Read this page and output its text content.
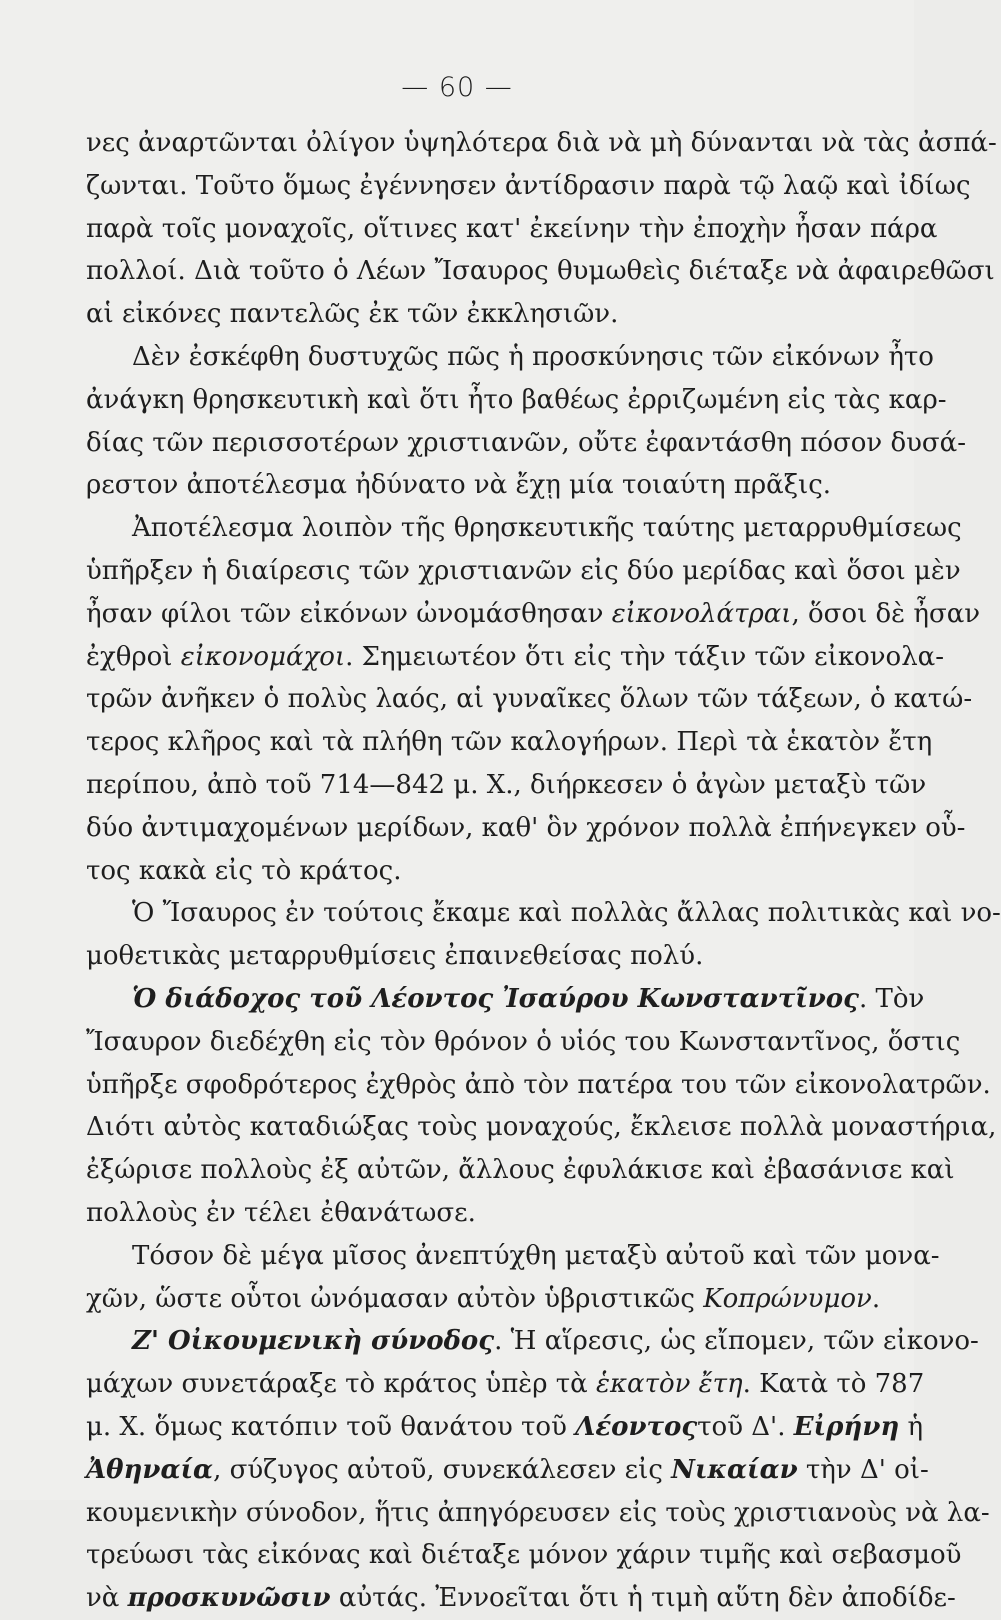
— 60 —
νες ἀναρτῶνται ὀλίγον ὑψηλότερα διὰ νὰ μὴ δύνανται νὰ τὰς ἀσπά-
ζωνται. Τοῦτο ὅμως ἐγέννησεν ἀντίδρασιν παρὰ τῷ λαῷ καὶ ἰδίως
παρὰ τοῖς μοναχοῖς, οἵτινες κατ' ἐκείνην τὴν ἐποχὴν ἦσαν πάρα
πολλοί. Διὰ τοῦτο ὁ Λέων Ἴσαυρος θυμωθεὶς διέταξε νὰ ἀφαιρεθῶσι
αἱ εἰκόνες παντελῶς ἐκ τῶν ἐκκλησιῶν.
Δὲν ἐσκέφθη δυστυχῶς πῶς ἡ προσκύνησις τῶν εἰκόνων ἦτο
ἀνάγκη θρησκευτικὴ καὶ ὅτι ἦτο βαθέως ἐρριζωμένη εἰς τὰς καρ-
δίας τῶν περισσοτέρων χριστιανῶν, οὔτε ἐφαντάσθη πόσον δυσά-
ρεστον ἀποτέλεσμα ἠδύνατο νὰ ἔχῃ μία τοιαύτη πρᾶξις.
Ἀποτέλεσμα λοιπὸν τῆς θρησκευτικῆς ταύτης μεταρρυθμίσεως
ὑπῆρξεν ἡ διαίρεσις τῶν χριστιανῶν εἰς δύο μερίδας καὶ ὅσοι μὲν
ἦσαν φίλοι τῶν εἰκόνων ὠνομάσθησαν εἰκονολάτραι, ὅσοι δὲ ἦσαν
ἐχθροὶ εἰκονομάχοι. Σημειωτέον ὅτι εἰς τὴν τάξιν τῶν εἰκονολα-
τρῶν ἀνῆκεν ὁ πολὺς λαός, αἱ γυναῖκες ὅλων τῶν τάξεων, ὁ κατώ-
τερος κλῆρος καὶ τὰ πλήθη τῶν καλογήρων. Περὶ τὰ ἑκατὸν ἔτη
περίπου, ἀπὸ τοῦ 714—842 μ. Χ., διήρκεσεν ὁ ἀγὼν μεταξὺ τῶν
δύο ἀντιμαχομένων μερίδων, καθ' ὃν χρόνον πολλὰ ἐπήνεγκεν οὗ-
τος κακὰ εἰς τὸ κράτος.
Ὁ Ἴσαυρος ἐν τούτοις ἔκαμε καὶ πολλὰς ἄλλας πολιτικὰς καὶ νο-
μοθετικὰς μεταρρυθμίσεις ἐπαινεθείσας πολύ.
Ὁ διάδοχος τοῦ Λέοντος Ἰσαύρου Κωνσταντῖνος. Τὸν
Ἴσαυρον διεδέχθη εἰς τὸν θρόνον ὁ υἱός του Κωνσταντῖνος, ὅστις
ὑπῆρξε σφοδρότερος ἐχθρὸς ἀπὸ τὸν πατέρα του τῶν εἰκονολατρῶν.
Διότι αὐτὸς καταδιώξας τοὺς μοναχούς, ἔκλεισε πολλὰ μοναστήρια,
ἐξώρισε πολλοὺς ἐξ αὐτῶν, ἄλλους ἐφυλάκισε καὶ ἐβασάνισε καὶ
πολλοὺς ἐν τέλει ἐθανάτωσε.
Τόσον δὲ μέγα μῖσος ἀνεπτύχθη μεταξὺ αὐτοῦ καὶ τῶν μονα-
χῶν, ὥστε οὗτοι ὠνόμασαν αὐτὸν ὑβριστικῶς Κοπρώνυμον.
Ζ' Οἰκουμενικὴ σύνοδος. Ἡ αἵρεσις, ὡς εἴπομεν, τῶν εἰκονο-
μάχων συνετάραξε τὸ κράτος ὑπὲρ τὰ ἑκατὸν ἔτη. Κατὰ τὸ 787
μ. Χ. ὅμως κατόπιν τοῦ θανάτου τοῦ Λέοντοςτοῦ Δ'. Εἰρήνη ἡ
Ἀθηναία, σύζυγος αὐτοῦ, συνεκάλεσεν εἰς Νικαίαν τὴν Δ' οἰ-
κουμενικὴν σύνοδον, ἥτις ἀπηγόρευσεν εἰς τοὺς χριστιανοὺς νὰ λα-
τρεύωσι τὰς εἰκόνας καὶ διέταξε μόνον χάριν τιμῆς καὶ σεβασμοῦ
νὰ προσκυνῶσιν αὐτάς. Ἐννοεῖται ὅτι ἡ τιμὴ αὕτη δὲν ἀποδίδε-
